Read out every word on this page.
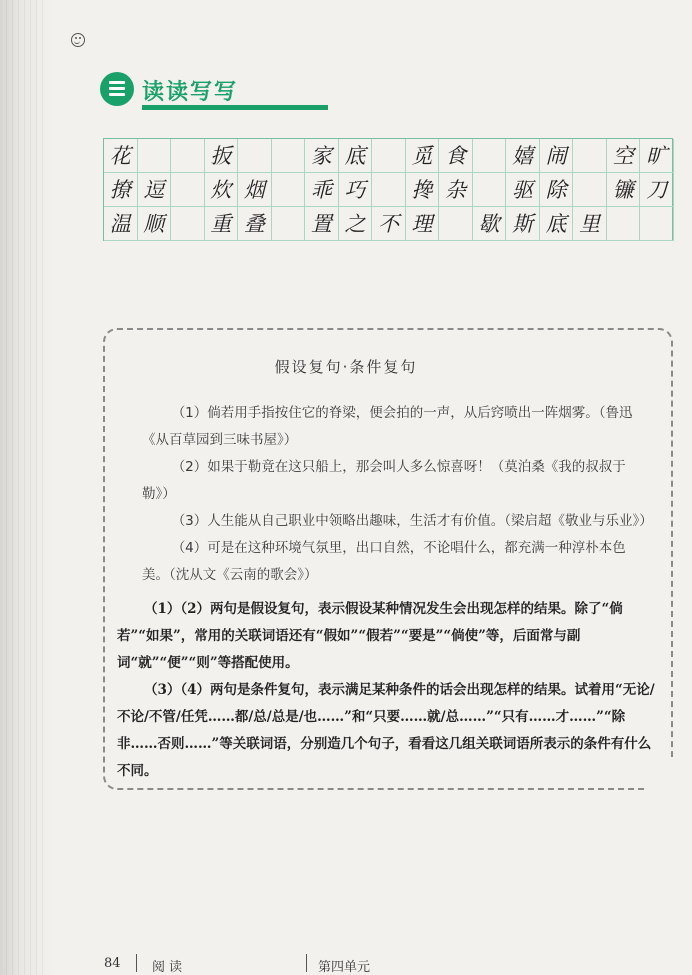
读读写写
花	扳	家 底	觅 食	嬉 闹	空 旷
撩 逗	炊 烟	乖 巧	搀 杂	驱 除	镰 刀
温 顺	重 叠	置 之 不 理	歇 斯 底 里
假设复句·条件复句

（1）倘若用手指按住它的脊梁，便会拍的一声，从后窍喷出一阵烟雾。（鲁迅《从百草园到三味书屋》）

（2）如果于勒竟在这只船上，那会叫人多么惊喜呀！（莫泊桑《我的叔叔于勒》）

（3）人生能从自己职业中领略出趣味，生活才有价值。（梁启超《敬业与乐业》）

（4）可是在这种环境气氛里，出口自然，不论唱什么，都充满一种淳朴本色美。（沈从文《云南的歌会》）

（1）（2）两句是假设复句，表示假设某种情况发生会出现怎样的结果。除了“倘若”“如果”，常用的关联词语还有“假如”“假若”“要是”“倘使”等，后面常与副词“就”“便”“则”等搭配使用。

（3）（4）两句是条件复句，表示满足某种条件的话会出现怎样的结果。试着用“无论/不论/不管/任凭……都/总/总是/也……”和“只要……就/总……”“只有……才……”“除非……否则……”等关联词语，分别造几个句子，看看这几组关联词语所表示的条件有什么不同。

84 阅读	第四单元
